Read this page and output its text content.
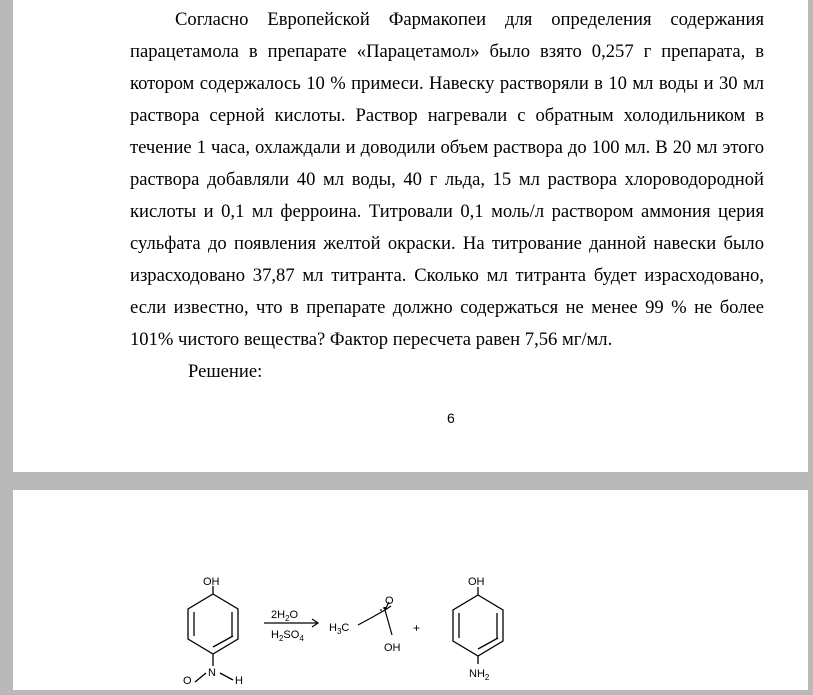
Согласно Европейской Фармакопеи для определения содержания
парацетамола в препарате «Парацетамол» было взято 0,257 г препарата, в
котором содержалось 10 % примеси. Навеску растворяли в 10 мл воды и 30 мл
раствора серной кислоты. Раствор нагревали с обратным холодильником в
течение 1 часа, охлаждали и доводили объем раствора до 100 мл. В 20 мл этого
раствора добавляли 40 мл воды, 40 г льда, 15 мл раствора хлороводородной
кислоты и 0,1 мл ферроина. Титровали 0,1 моль/л раствором аммония церия
сульфата до появления желтой окраски. На титрование данной навески было
израсходовано 37,87 мл титранта. Сколько мл титранта будет израсходовано,
если известно, что в препарате должно содержаться не менее 99 % не более
101% чистого вещества? Фактор пересчета равен 7,56 мг/мл.

Решение:
6
OH
N
O	H
$2H_2O$
$H_2SO_4$
$H_3C$
O
OH
+
OH
$NH_2$
